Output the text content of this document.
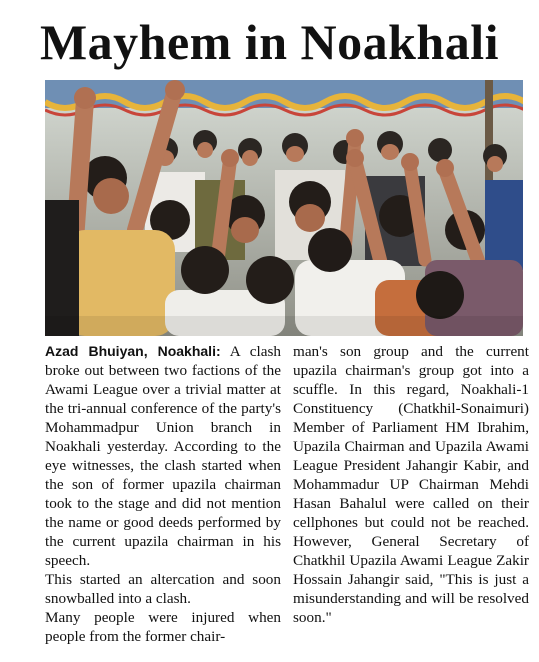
Mayhem in Noakhali

Azad Bhuiyan, Noakhali: A clash broke out between two factions of the Awami League over a trivial matter at the tri-annual conference of the party's Mohammadpur Union branch in Noakhali yesterday. According to the eye witnesses, the clash started when the son of former upazila chairman took to the stage and did not mention the name or good deeds performed by the current upazila chairman in his speech.

This started an altercation and soon snowballed into a clash.

Many people were injured when people from the former chair-

man's son group and the current upazila chairman's group got into a scuffle. In this regard, Noakhali-1 Constituency (Chatkhil-Sonaimuri) Member of Parliament HM Ibrahim, Upazila Chairman and Upazila Awami League President Jahangir Kabir, and Mohammadur UP Chairman Mehdi Hasan Bahalul were called on their cellphones but could not be reached. However, General Secretary of Chatkhil Upazila Awami League Zakir Hossain Jahangir said, "This is just a misunderstanding and will be resolved soon."
